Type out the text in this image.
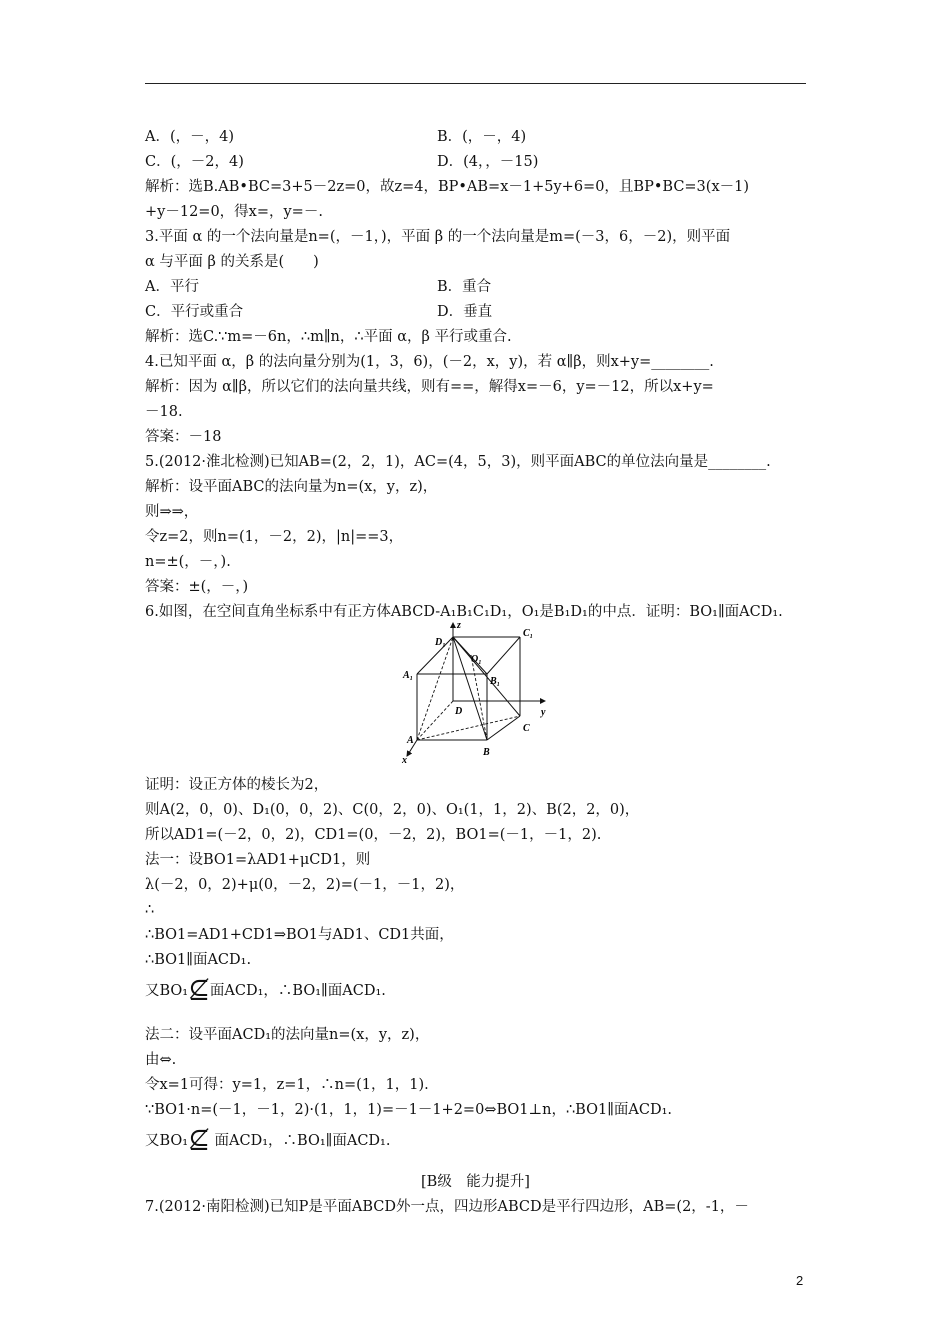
A．(，－，4)	B．(，－，4)
C．(，－2，4)	D．(4，，－15)
解析：选B.AB•BC=3+5－2z=0，故z=4，BP•AB=x－1+5y+6=0，且BP•BC=3(x－1)
+y－12=0，得x=，y=－.
3.平面 α 的一个法向量是n=(，－1，)，平面 β 的一个法向量是m=(－3，6，－2)，则平面
α 与平面 β 的关系是(　　)
A．平行	B．重合
C．平行或重合	D．垂直
解析：选C.∵m=－6n，∴m∥n，∴平面 α，β 平行或重合.
4.已知平面 α，β 的法向量分别为(1，3，6)，(－2，x，y)，若 α∥β，则x+y=________.
解析：因为 α∥β，所以它们的法向量共线，则有==，解得x=－6，y=－12，所以x+y=
－18.
答案：－18
5.(2012·淮北检测)已知AB=(2，2，1)，AC=(4，5，3)，则平面ABC的单位法向量是________.
解析：设平面ABC的法向量为n=(x，y，z)，
则⇒⇒，
令z=2，则n=(1，－2，2)，|n|==3，
n=±(，－，).
答案：±(，－，)
6.如图，在空间直角坐标系中有正方体ABCD-A₁B₁C₁D₁，O₁是B₁D₁的中点．证明：BO₁∥面ACD₁.
z
y
x
D₁
O₁
C₁
A₁
B₁
D
C
A
B
证明：设正方体的棱长为2，
则A(2，0，0)、D₁(0，0，2)、C(0，2，0)、O₁(1，1，2)、B(2，2，0)，
所以AD1=(－2，0，2)，CD1=(0，－2，2)，BO1=(－1，－1，2).
法一：设BO1=λAD1+μCD1，则
λ(－2，0，2)+μ(0，－2，2)=(－1，－1，2)，
∴
∴BO1=AD1+CD1⇒BO1与AD1、CD1共面，
∴BO1∥面ACD₁.
又BO₁⊈面ACD₁，∴BO₁∥面ACD₁.
法二：设平面ACD₁的法向量n=(x，y，z)，
由⇔.
令x=1可得：y=1，z=1，∴n=(1，1，1).
∵BO1·n=(－1，－1，2)·(1，1，1)=－1－1+2=0⇔BO1⊥n，∴BO1∥面ACD₁.
又BO₁⊈ 面ACD₁，∴BO₁∥面ACD₁.
[B级　能力提升]
7.(2012·南阳检测)已知P是平面ABCD外一点，四边形ABCD是平行四边形，AB=(2，-1，－
2
